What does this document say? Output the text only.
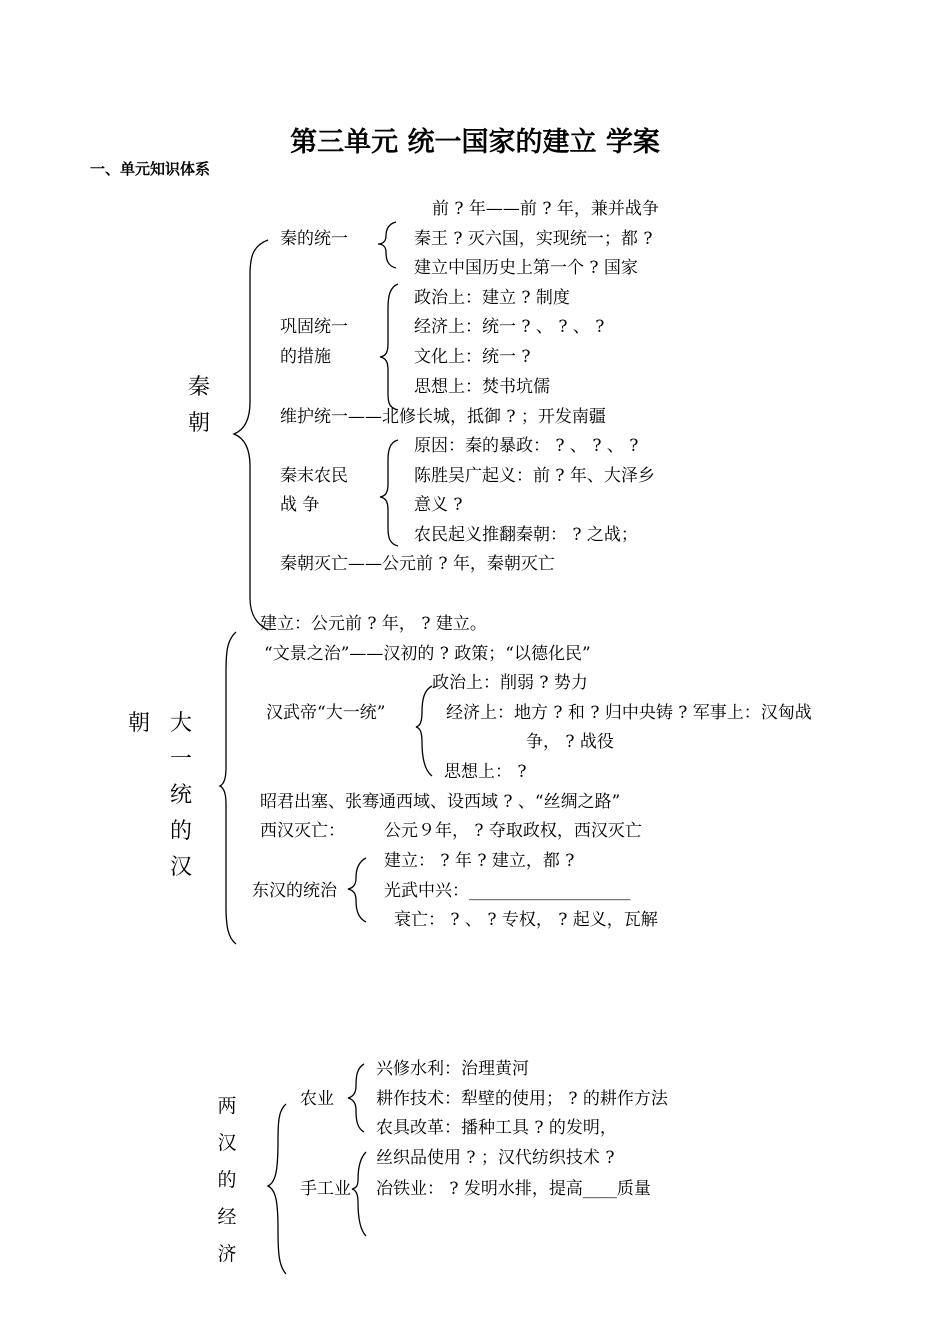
第三单元 统一国家的建立 学案
一、单元知识体系
秦
朝
秦的统一
前 ? 年——前 ? 年，兼并战争
秦王 ? 灭六国，实现统一；都 ?
建立中国历史上第一个 ? 国家
巩固统一
的措施
政治上：建立 ? 制度
经济上：统一 ? 、 ? 、 ?
文化上：统一 ?
思想上：焚书坑儒
维护统一——北修长城，抵御 ? ；开发南疆
秦末农民
战 争
原因：秦的暴政： ? 、 ? 、 ?
陈胜吴广起义：前 ? 年、大泽乡
意义 ?
农民起义推翻秦朝： ? 之战；
秦朝灭亡——公元前 ? 年，秦朝灭亡
朝 大
一
统
的
汉
建立：公元前 ? 年， ? 建立。
“文景之治”——汉初的 ? 政策；“以德化民”
汉武帝“大一统”
政治上：削弱 ? 势力
经济上：地方 ? 和 ? 归中央铸 ? 军事上：汉匈战
争， ? 战役
思想上： ?
昭君出塞、张骞通西域、设西域 ? 、“丝绸之路”
西汉灭亡： 公元９年， ? 夺取政权，西汉灭亡
东汉的统治
建立： ? 年 ? 建立，都 ?
光武中兴：___________________
衰亡： ? 、 ? 专权， ? 起义，瓦解
两
汉
的
经
济
农业
兴修水利：治理黄河
耕作技术：犁壁的使用； ? 的耕作方法
农具改革：播种工具 ? 的发明，
手工业
丝织品使用 ? ；汉代纺织技术 ?
冶铁业： ? 发明水排，提高____质量
